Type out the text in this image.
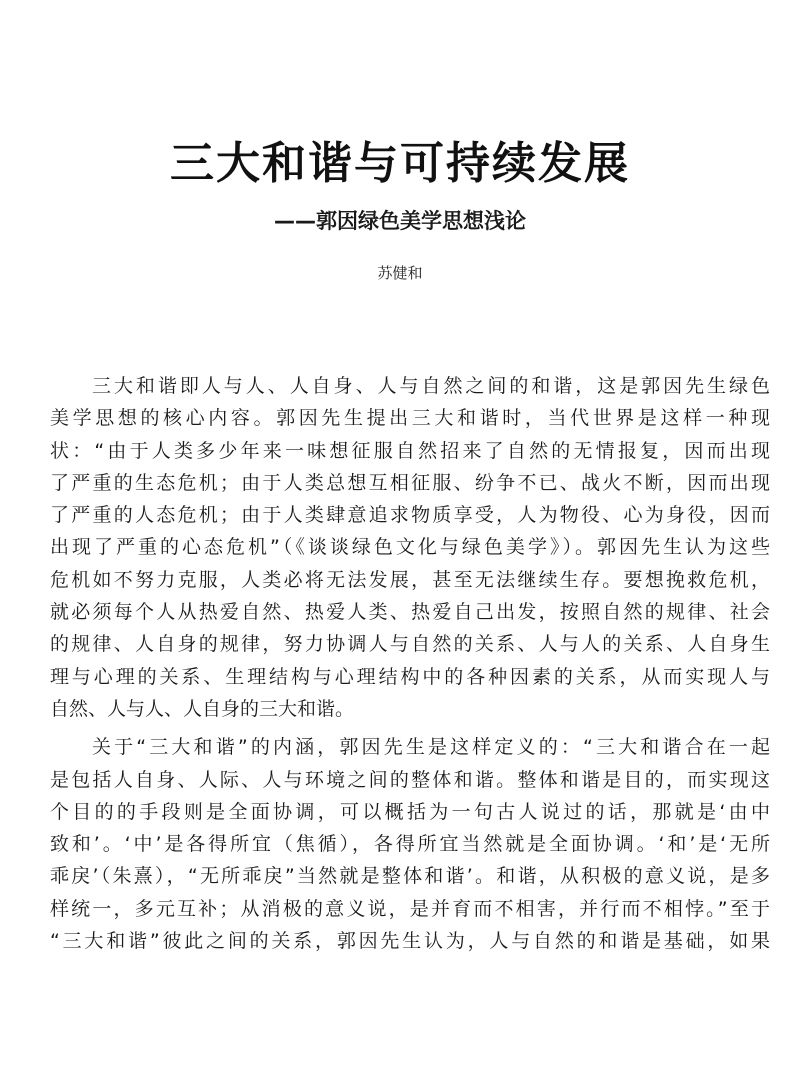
三大和谐与可持续发展
——郭因绿色美学思想浅论
苏健和

三大和谐即人与人、人自身、人与自然之间的和谐，这是郭因先生绿色
美学思想的核心内容。郭因先生提出三大和谐时，当代世界是这样一种现
状：“由于人类多少年来一味想征服自然招来了自然的无情报复，因而出现
了严重的生态危机；由于人类总想互相征服、纷争不已、战火不断，因而出现
了严重的人态危机；由于人类肆意追求物质享受，人为物役、心为身役，因而
出现了严重的心态危机”（《谈谈绿色文化与绿色美学》）。郭因先生认为这些
危机如不努力克服，人类必将无法发展，甚至无法继续生存。要想挽救危机，
就必须每个人从热爱自然、热爱人类、热爱自己出发，按照自然的规律、社会
的规律、人自身的规律，努力协调人与自然的关系、人与人的关系、人自身生
理与心理的关系、生理结构与心理结构中的各种因素的关系，从而实现人与
自然、人与人、人自身的三大和谐。

关于“三大和谐”的内涵，郭因先生是这样定义的：“三大和谐合在一起
是包括人自身、人际、人与环境之间的整体和谐。整体和谐是目的，而实现这
个目的的手段则是全面协调，可以概括为一句古人说过的话，那就是‘由中
致和’。‘中’是各得所宜（焦循），各得所宜当然就是全面协调。‘和’是‘无所
乖戾’（朱熹），“无所乖戾”当然就是整体和谐’。和谐，从积极的意义说，是多
样统一，多元互补；从消极的意义说，是并育而不相害，并行而不相悖。”至于
“三大和谐”彼此之间的关系，郭因先生认为，人与自然的和谐是基础，如果
